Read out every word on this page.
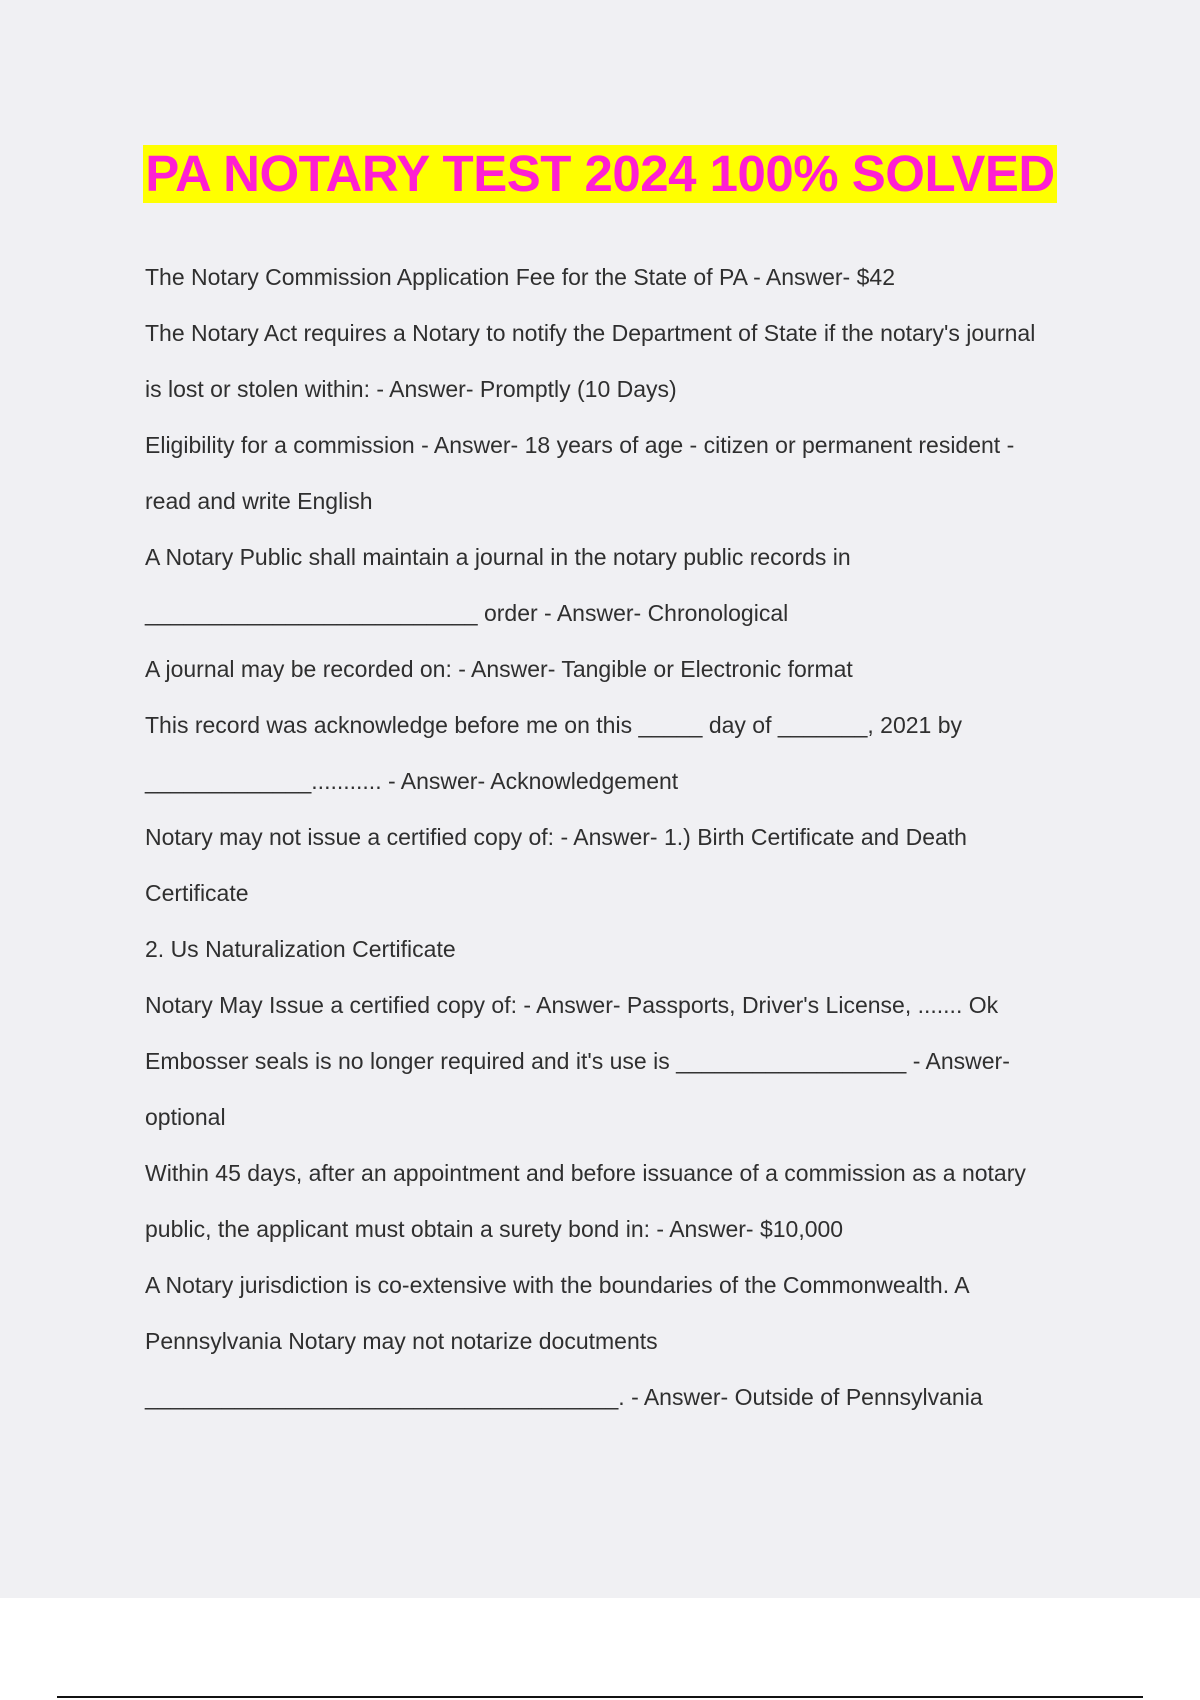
PA NOTARY TEST 2024 100% SOLVED
The Notary Commission Application Fee for the State of PA - Answer- $42
The Notary Act requires a Notary to notify the Department of State if the notary's journal
is lost or stolen within: - Answer- Promptly (10 Days)
Eligibility for a commission - Answer- 18 years of age - citizen or permanent resident -
read and write English
A Notary Public shall maintain a journal in the notary public records in
__________________________ order - Answer- Chronological
A journal may be recorded on: - Answer- Tangible or Electronic format
This record was acknowledge before me on this _____ day of _______, 2021 by
_____________........... - Answer- Acknowledgement
Notary may not issue a certified copy of: - Answer- 1.) Birth Certificate and Death
Certificate
2. Us Naturalization Certificate
Notary May Issue a certified copy of: - Answer- Passports, Driver's License, ....... Ok
Embosser seals is no longer required and it's use is __________________ - Answer-
optional
Within 45 days, after an appointment and before issuance of a commission as a notary
public, the applicant must obtain a surety bond in: - Answer- $10,000
A Notary jurisdiction is co-extensive with the boundaries of the Commonwealth. A
Pennsylvania Notary may not notarize docutments
_____________________________________. - Answer- Outside of Pennsylvania
